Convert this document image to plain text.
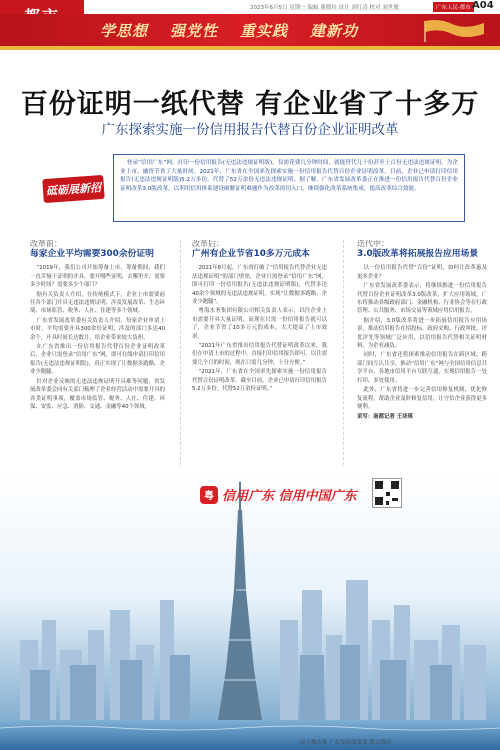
2023年6月5日 星期一 编辑 董晓玲 设计 刘红涛 校对 刘世俊	广东人民·都市 A04
学思想 强党性 重实践 建新功
百份证明一纸代替 有企业省了十多万
广东探索实施一份信用报告代替百份企业证明改革
砥砺展新招
登录“信用广东”网，打印一份信用报告(无违法违规证明版)，仅需花费几分钟时间，就能替代几十份甚至上百份无违法违规证明，为企业上市、融资节省了大量时间。2021年，广东省在全国率先探索实施一份信用报告代替百份企业证明改革。目前，企业已申请打印信用报告(无违法违规证明版)5.2万多份，代替了52万余份无违法违规证明。据了解，广东省发展改革委正在推进一份信用报告代替百份企业证明改革3.0版改革，以利用信用体系建设破解证明难题作为改革的切入口，继续强化改革系统集成，提高改革综合效能。
改革前：
每家企业平均需要300余份证明

“2019年，我们公司开始筹备上市，筹备期间，我们一直苦恼于证明的开具。要开哪些证明，去哪里开，需要多少时间？需要多少个部门？

据有关负责人介绍，在传统模式下，企业上市需要前往各个部门开具无违法违规证明，涉及发展改革、生态环境、市场监管、税务、人社、住建等多个领域。

广东省发展改革委有关负责人介绍，每家企业申请上市时，平均需要开具300余份证明，涉及的部门多达40余个，开具时间长达数月，给企业带来较大负担。

在广东省推出一份信用报告代替百份企业证明改革后，企业只需登录“信用广东”网，即可在线申请打印信用报告(无违法违规证明版)，真正实现了让数据多跑路、企业少跑腿。

针对企业反映的无违法违规证明开具难等问题，省发展改革委会同有关部门梳理了企业经营活动中需要开具的各类证明事项，覆盖市场监管、税务、人社、住建、环保、安监、应急、消防、交通、金融等40个领域。

改革后：
广州有企业节省10多万元成本

2021年8月起，广东省打破了“信用报告代替企业无违法违规证明”的部门壁垒，企业只需登录“信用广东”网，即可打印一份信用报告(无违法违规证明版)，代替多达40余个领域的无违法违规证明，实现“让数据多跑路、企业少跑腿”。

粤海水务集团有限公司相关负责人表示，以往企业上市需要开具大量证明，而现在只需一份信用报告就可以了，企业节省了10多万元的成本，大大提高了上市效率。

“2021年广东省推出信用报告代替证明改革以来，我们在申请上市的过程中，直接打印信用报告即可。以往需要几个月的时间，现在只需几分钟，十分方便。”

“2021年，广东省在全国率先探索实施一份信用报告代替百份证明改革。截至目前，企业已申请打印信用报告5.2万多份，代替52万余份证明。”

迭代中：
3.0版改革将拓展报告应用场景

以一份信用报告代替“百份”证明，如何让改革惠及更多企业？

广东省发展改革委表示，将继续推进一份信用报告代替百份企业证明改革3.0版改革，扩大应用领域，广东将推动各级政府部门、金融机构、行业协会等在行政管理、公共服务、市场交易等领域应用信用报告。

据介绍，3.0版改革将进一步拓展信用报告应用场景，推动信用报告在招投标、政府采购、行政审批、评优评先等领域广泛应用，以信用报告代替相关证明材料，为企业减负。

同时，广东省还将探索推动信用报告在跨区域、跨部门间互认共享，推动“信用广东”网与全国信用信息共享平台、各地市信用平台互联互通，实现信用报告一处打印、多处使用。

此外，广东省将进一步完善信用修复机制，优化修复流程，帮助企业及时修复信用，让守信企业获得更多便利。

采写：南都记者 王诗琪

粤 信用广东 信用中国广东
南方都市报 广东发展改革委 联合推出
